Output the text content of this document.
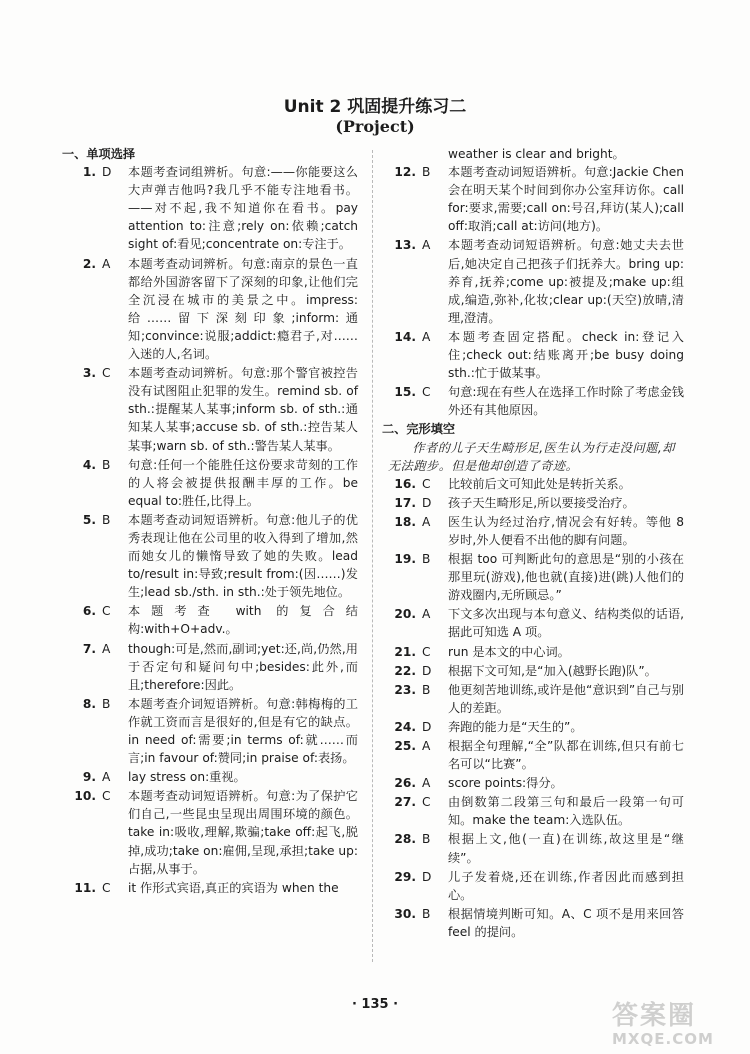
Unit 2 巩固提升练习二
(Project)
一、单项选择
1. D	本题考查词组辨析。句意:——你能要这么大声弹吉他吗?我几乎不能专注地看书。——对不起,我不知道你在看书。pay attention to:注意;rely on:依赖;catch sight of:看见;concentrate on:专注于。
2. A	本题考查动词辨析。句意:南京的景色一直都给外国游客留下了深刻的印象,让他们完全沉浸在城市的美景之中。impress:给……留下深刻印象;inform:通知;convince:说服;addict:瘾君子,对……入迷的人,名词。
3. C	本题考查动词辨析。句意:那个警官被控告没有试图阻止犯罪的发生。remind sb. of sth.:提醒某人某事;inform sb. of sth.:通知某人某事;accuse sb. of sth.:控告某人某事;warn sb. of sth.:警告某人某事。
4. B	句意:任何一个能胜任这份要求苛刻的工作的人将会被提供报酬丰厚的工作。be equal to:胜任,比得上。
5. B	本题考查动词短语辨析。句意:他儿子的优秀表现让他在公司里的收入得到了增加,然而她女儿的懒惰导致了她的失败。lead to/result in:导致;result from:(因……)发生;lead sb./sth. in sth.:处于领先地位。
6. C	本题考查 with 的复合结构:with+O+adv.。
7. A	though:可是,然而,副词;yet:还,尚,仍然,用于否定句和疑问句中;besides:此外,而且;therefore:因此。
8. B	本题考查介词短语辨析。句意:韩梅梅的工作就工资而言是很好的,但是有它的缺点。in need of:需要;in terms of:就……而言;in favour of:赞同;in praise of:表扬。
9. A	lay stress on:重视。
10. C	本题考查动词短语辨析。句意:为了保护它们自己,一些昆虫呈现出周围环境的颜色。take in:吸收,理解,欺骗;take off:起飞,脱掉,成功;take on:雇佣,呈现,承担;take up:占据,从事于。
11. C	it 作形式宾语,真正的宾语为 when the
weather is clear and bright。
12. B	本题考查动词短语辨析。句意:Jackie Chen 会在明天某个时间到你办公室拜访你。call for:要求,需要;call on:号召,拜访(某人);call off:取消;call at:访问(地方)。
13. A	本题考查动词短语辨析。句意:她丈夫去世后,她决定自己把孩子们抚养大。bring up:养育,抚养;come up:被提及;make up:组成,编造,弥补,化妆;clear up:(天空)放晴,清理,澄清。
14. A	本题考查固定搭配。check in:登记入住;check out:结账离开;be busy doing sth.:忙于做某事。
15. C	句意:现在有些人在选择工作时除了考虑金钱外还有其他原因。
二、完形填空
作者的儿子天生畸形足,医生认为行走没问题,却无法跑步。但是他却创造了奇迹。
16. C	比较前后文可知此处是转折关系。
17. D	孩子天生畸形足,所以要接受治疗。
18. A	医生认为经过治疗,情况会有好转。等他 8 岁时,外人便看不出他的脚有问题。
19. B	根据 too 可判断此句的意思是“别的小孩在那里玩(游戏),他也就(直接)进(跳)人他们的游戏圈内,无所顾忌。”
20. A	下文多次出现与本句意义、结构类似的话语,据此可知选 A 项。
21. C	run 是本文的中心词。
22. D	根据下文可知,是“加入(越野长跑)队”。
23. B	他更刻苦地训练,或许是他“意识到”自己与别人的差距。
24. D	奔跑的能力是“天生的”。
25. A	根据全句理解,“全”队都在训练,但只有前七名可以“比赛”。
26. A	score points:得分。
27. C	由倒数第二段第三句和最后一段第一句可知。make the team:入选队伍。
28. B	根据上文,他(一直)在训练,故这里是“继续”。
29. D	儿子发着烧,还在训练,作者因此而感到担心。
30. B	根据情境判断可知。A、C 项不是用来回答 feel 的提问。
· 135 ·	答案圈
MXQE.COM
